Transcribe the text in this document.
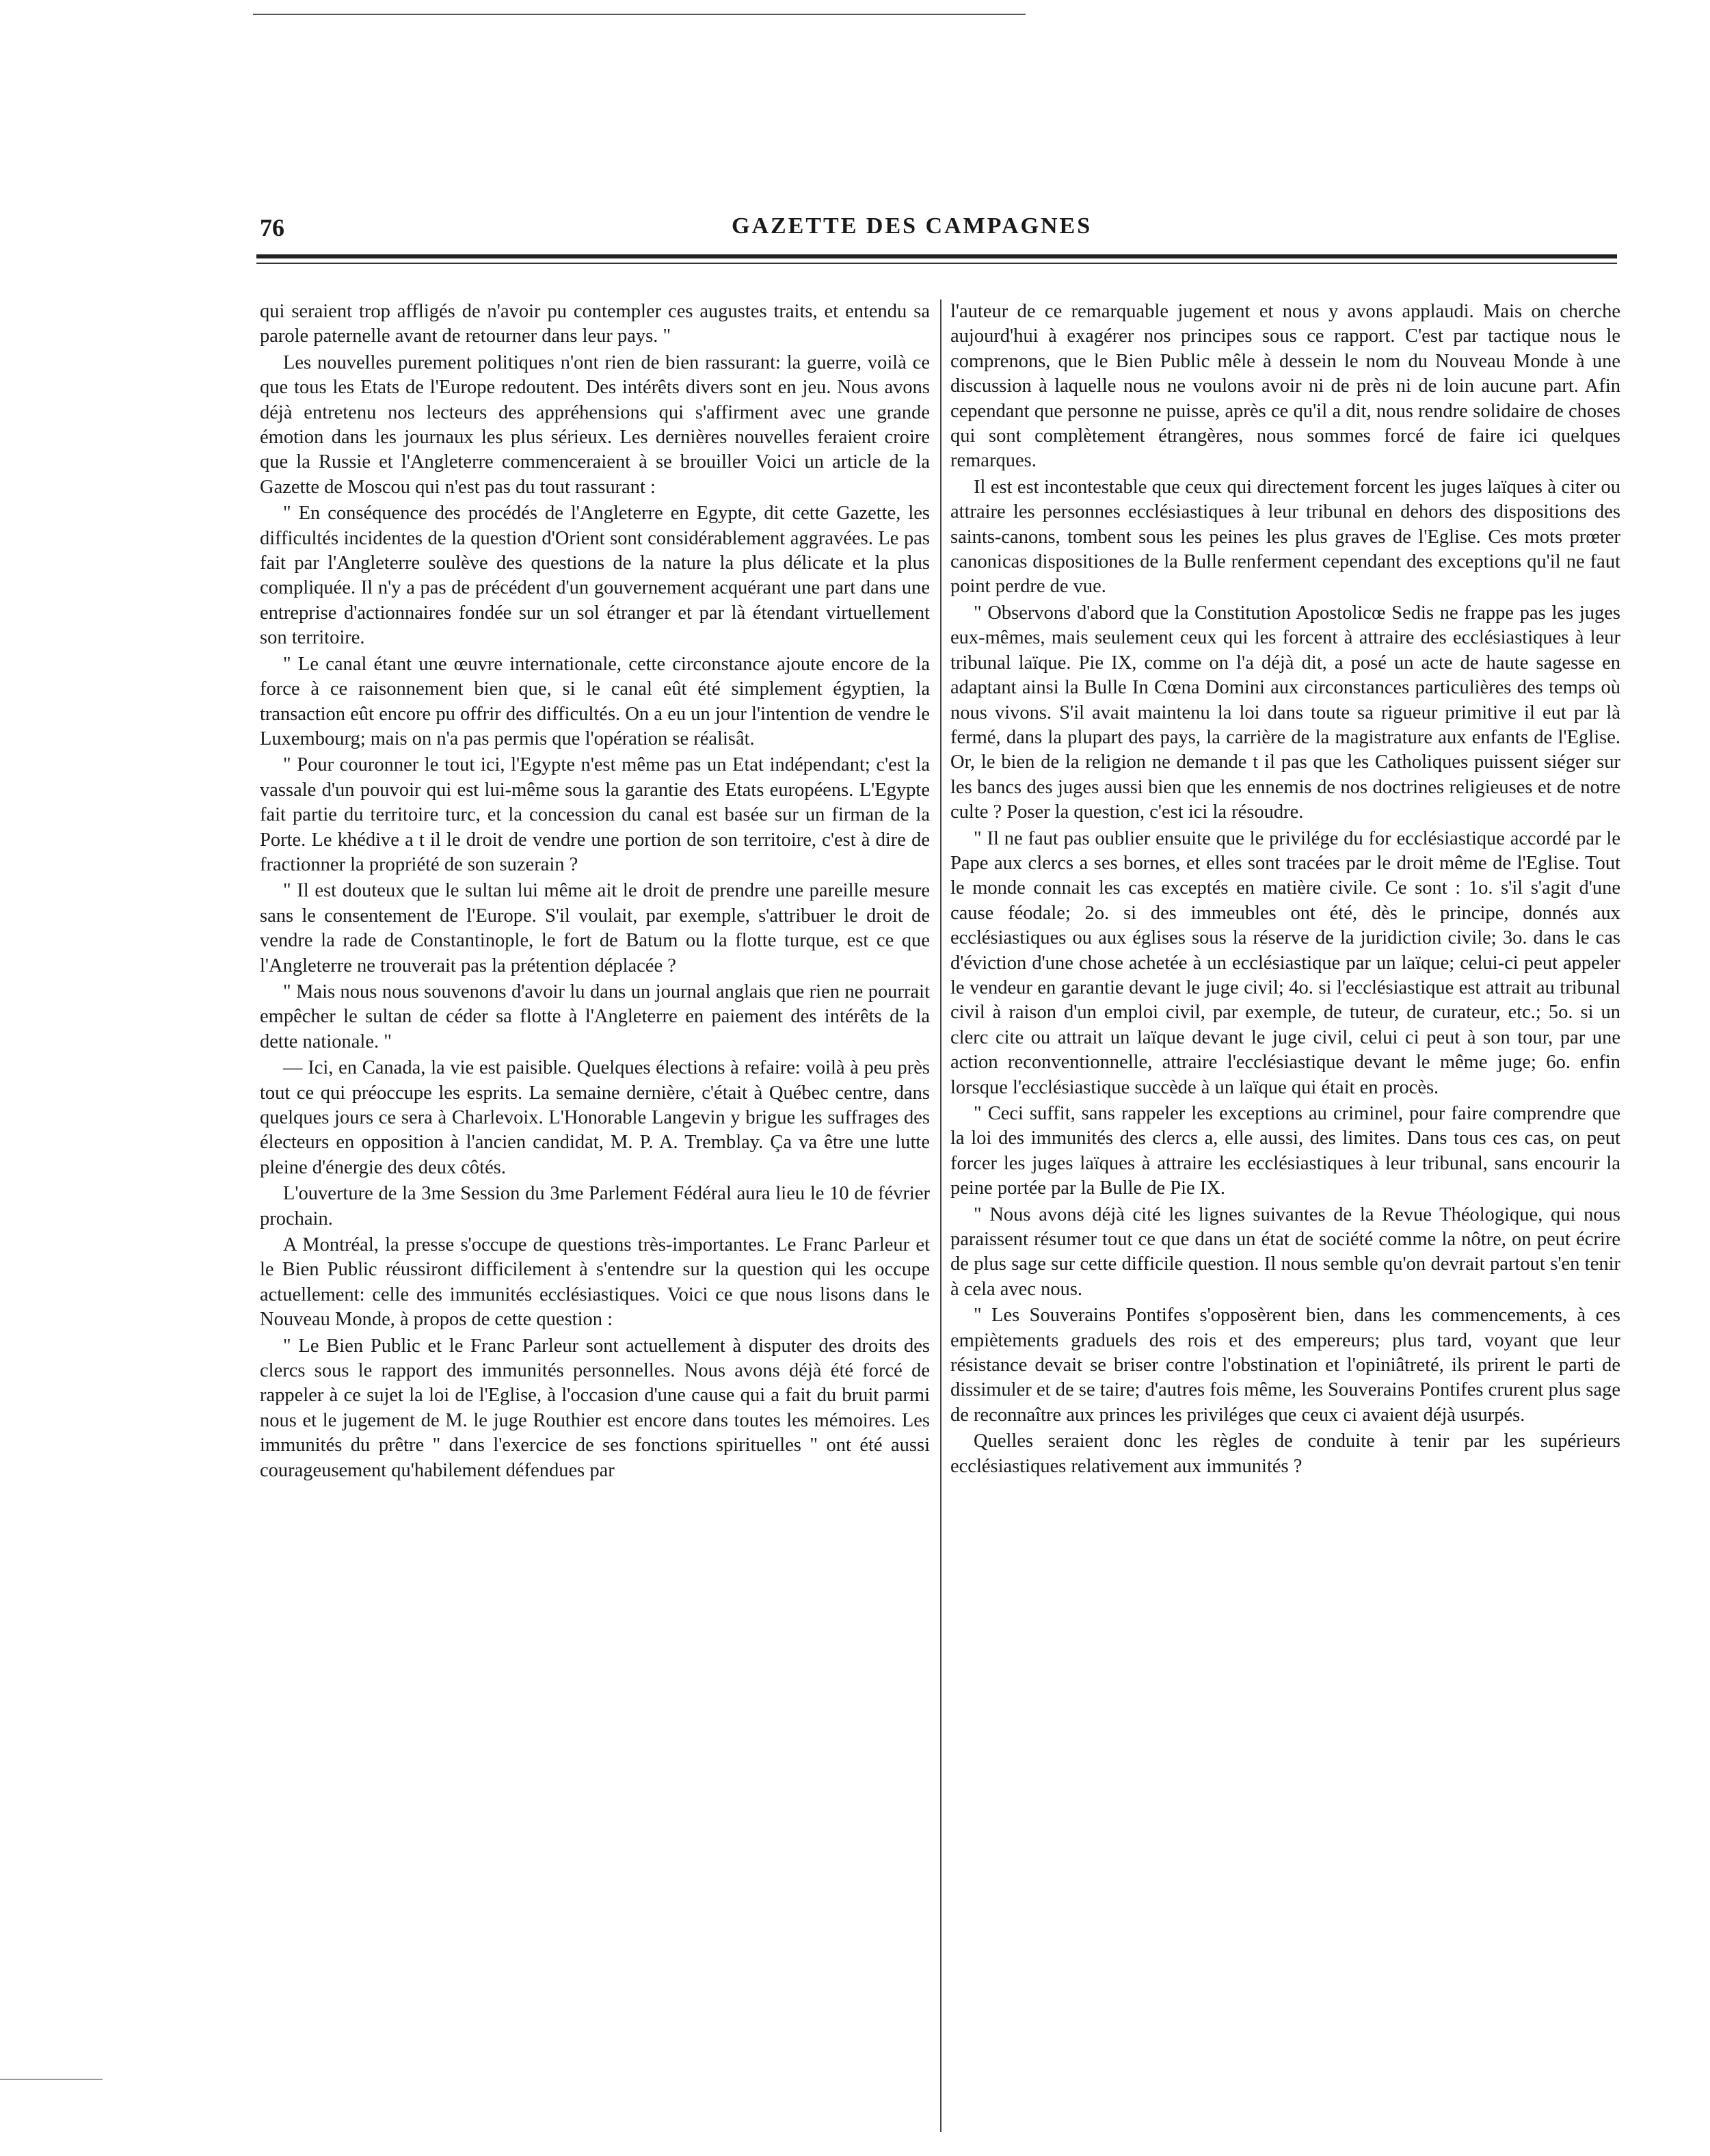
76	GAZETTE DES CAMPAGNES

qui seraient trop affligés de n'avoir pu contempler ces augustes traits, et entendu sa parole paternelle avant de retourner dans leur pays. "

Les nouvelles purement politiques n'ont rien de bien rassurant: la guerre, voilà ce que tous les Etats de l'Europe redoutent. Des intérêts divers sont en jeu. Nous avons déjà entretenu nos lecteurs des appréhensions qui s'affirment avec une grande émotion dans les journaux les plus sérieux. Les dernières nouvelles feraient croire que la Russie et l'Angleterre commenceraient à se brouiller Voici un article de la Gazette de Moscou qui n'est pas du tout rassurant :

" En conséquence des procédés de l'Angleterre en Egypte, dit cette Gazette, les difficultés incidentes de la question d'Orient sont considérablement aggravées. Le pas fait par l'Angleterre soulève des questions de la nature la plus délicate et la plus compliquée. Il n'y a pas de précédent d'un gouvernement acquérant une part dans une entreprise d'actionnaires fondée sur un sol étranger et par là étendant virtuellement son territoire.

" Le canal étant une œuvre internationale, cette circonstance ajoute encore de la force à ce raisonnement bien que, si le canal eût été simplement égyptien, la transaction eût encore pu offrir des difficultés. On a eu un jour l'intention de vendre le Luxembourg; mais on n'a pas permis que l'opération se réalisât.

" Pour couronner le tout ici, l'Egypte n'est même pas un Etat indépendant; c'est la vassale d'un pouvoir qui est lui-même sous la garantie des Etats européens. L'Egypte fait partie du territoire turc, et la concession du canal est basée sur un firman de la Porte. Le khédive a t il le droit de vendre une portion de son territoire, c'est à dire de fractionner la propriété de son suzerain ?

" Il est douteux que le sultan lui même ait le droit de prendre une pareille mesure sans le consentement de l'Europe. S'il voulait, par exemple, s'attribuer le droit de vendre la rade de Constantinople, le fort de Batum ou la flotte turque, est ce que l'Angleterre ne trouverait pas la prétention déplacée ?

" Mais nous nous souvenons d'avoir lu dans un journal anglais que rien ne pourrait empêcher le sultan de céder sa flotte à l'Angleterre en paiement des intérêts de la dette nationale. "

— Ici, en Canada, la vie est paisible. Quelques élections à refaire: voilà à peu près tout ce qui préoccupe les esprits. La semaine dernière, c'était à Québec centre, dans quelques jours ce sera à Charlevoix. L'Honorable Langevin y brigue les suffrages des électeurs en opposition à l'ancien candidat, M. P. A. Tremblay. Ça va être une lutte pleine d'énergie des deux côtés.

L'ouverture de la 3me Session du 3me Parlement Fédéral aura lieu le 10 de février prochain.

A Montréal, la presse s'occupe de questions très-importantes. Le Franc Parleur et le Bien Public réussiront difficilement à s'entendre sur la question qui les occupe actuellement: celle des immunités ecclésiastiques. Voici ce que nous lisons dans le Nouveau Monde, à propos de cette question :

" Le Bien Public et le Franc Parleur sont actuellement à disputer des droits des clercs sous le rapport des immunités personnelles. Nous avons déjà été forcé de rappeler à ce sujet la loi de l'Eglise, à l'occasion d'une cause qui a fait du bruit parmi nous et le jugement de M. le juge Routhier est encore dans toutes les mémoires. Les immunités du prêtre " dans l'exercice de ses fonctions spirituelles " ont été aussi courageusement qu'habilement défendues par

l'auteur de ce remarquable jugement et nous y avons applaudi. Mais on cherche aujourd'hui à exagérer nos principes sous ce rapport. C'est par tactique nous le comprenons, que le Bien Public mêle à dessein le nom du Nouveau Monde à une discussion à laquelle nous ne voulons avoir ni de près ni de loin aucune part. Afin cependant que personne ne puisse, après ce qu'il a dit, nous rendre solidaire de choses qui sont complètement étrangères, nous sommes forcé de faire ici quelques remarques.

Il est est incontestable que ceux qui directement forcent les juges laïques à citer ou attraire les personnes ecclésiastiques à leur tribunal en dehors des dispositions des saints-canons, tombent sous les peines les plus graves de l'Eglise. Ces mots prœter canonicas dispositiones de la Bulle renferment cependant des exceptions qu'il ne faut point perdre de vue.

" Observons d'abord que la Constitution Apostolicœ Sedis ne frappe pas les juges eux-mêmes, mais seulement ceux qui les forcent à attraire des ecclésiastiques à leur tribunal laïque. Pie IX, comme on l'a déjà dit, a posé un acte de haute sagesse en adaptant ainsi la Bulle In Cœna Domini aux circonstances particulières des temps où nous vivons. S'il avait maintenu la loi dans toute sa rigueur primitive il eut par là fermé, dans la plupart des pays, la carrière de la magistrature aux enfants de l'Eglise. Or, le bien de la religion ne demande t il pas que les Catholiques puissent siéger sur les bancs des juges aussi bien que les ennemis de nos doctrines religieuses et de notre culte ? Poser la question, c'est ici la résoudre.

" Il ne faut pas oublier ensuite que le privilége du for ecclésiastique accordé par le Pape aux clercs a ses bornes, et elles sont tracées par le droit même de l'Eglise. Tout le monde connait les cas exceptés en matière civile. Ce sont : 1o. s'il s'agit d'une cause féodale; 2o. si des immeubles ont été, dès le principe, donnés aux ecclésiastiques ou aux églises sous la réserve de la juridiction civile; 3o. dans le cas d'éviction d'une chose achetée à un ecclésiastique par un laïque; celui-ci peut appeler le vendeur en garantie devant le juge civil; 4o. si l'ecclésiastique est attrait au tribunal civil à raison d'un emploi civil, par exemple, de tuteur, de curateur, etc.; 5o. si un clerc cite ou attrait un laïque devant le juge civil, celui ci peut à son tour, par une action reconventionnelle, attraire l'ecclésiastique devant le même juge; 6o. enfin lorsque l'ecclésiastique succède à un laïque qui était en procès.

" Ceci suffit, sans rappeler les exceptions au criminel, pour faire comprendre que la loi des immunités des clercs a, elle aussi, des limites. Dans tous ces cas, on peut forcer les juges laïques à attraire les ecclésiastiques à leur tribunal, sans encourir la peine portée par la Bulle de Pie IX.

" Nous avons déjà cité les lignes suivantes de la Revue Théologique, qui nous paraissent résumer tout ce que dans un état de société comme la nôtre, on peut écrire de plus sage sur cette difficile question. Il nous semble qu'on devrait partout s'en tenir à cela avec nous.

" Les Souverains Pontifes s'opposèrent bien, dans les commencements, à ces empiètements graduels des rois et des empereurs; plus tard, voyant que leur résistance devait se briser contre l'obstination et l'opiniâtreté, ils prirent le parti de dissimuler et de se taire; d'autres fois même, les Souverains Pontifes crurent plus sage de reconnaître aux princes les priviléges que ceux ci avaient déjà usurpés.

Quelles seraient donc les règles de conduite à tenir par les supérieurs ecclésiastiques relativement aux immunités ?
